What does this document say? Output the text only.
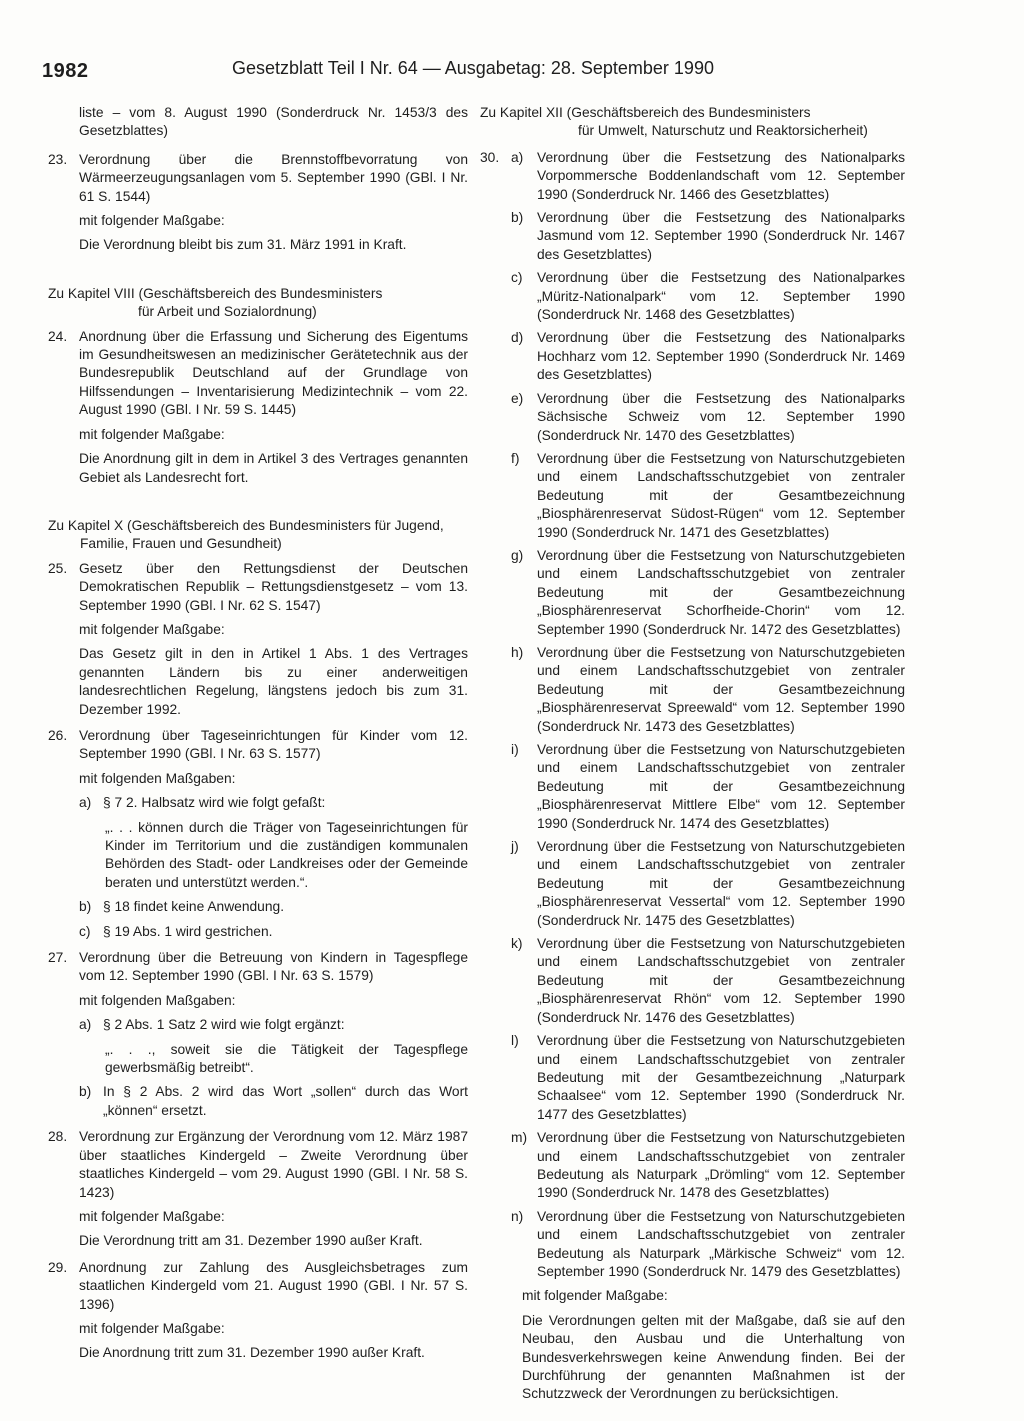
1982	Gesetzblatt Teil I Nr. 64 — Ausgabetag: 28. September 1990
liste – vom 8. August 1990 (Sonderdruck Nr. 1453/3 des Gesetzblattes)
23. Verordnung über die Brennstoffbevorratung von Wärmeerzeugungsanlagen vom 5. September 1990 (GBl. I Nr. 61 S. 1544)
mit folgender Maßgabe:
Die Verordnung bleibt bis zum 31. März 1991 in Kraft.
Zu Kapitel VIII (Geschäftsbereich des Bundesministers
für Arbeit und Sozialordnung)
24. Anordnung über die Erfassung und Sicherung des Eigentums im Gesundheitswesen an medizinischer Gerätetechnik aus der Bundesrepublik Deutschland auf der Grundlage von Hilfssendungen – Inventarisierung Medizintechnik – vom 22. August 1990 (GBl. I Nr. 59 S. 1445)
mit folgender Maßgabe:
Die Anordnung gilt in dem in Artikel 3 des Vertrages genannten Gebiet als Landesrecht fort.
Zu Kapitel X (Geschäftsbereich des Bundesministers für Jugend,
Familie, Frauen und Gesundheit)
25. Gesetz über den Rettungsdienst der Deutschen Demokratischen Republik – Rettungsdienstgesetz – vom 13. September 1990 (GBl. I Nr. 62 S. 1547)
mit folgender Maßgabe:
Das Gesetz gilt in den in Artikel 1 Abs. 1 des Vertrages genannten Ländern bis zu einer anderweitigen landesrechtlichen Regelung, längstens jedoch bis zum 31. Dezember 1992.
26. Verordnung über Tageseinrichtungen für Kinder vom 12. September 1990 (GBl. I Nr. 63 S. 1577)
mit folgenden Maßgaben:
a) § 7 2. Halbsatz wird wie folgt gefaßt:
„. . . können durch die Träger von Tageseinrichtungen für Kinder im Territorium und die zuständigen kommunalen Behörden des Stadt- oder Landkreises oder der Gemeinde beraten und unterstützt werden.“.
b) § 18 findet keine Anwendung.
c) § 19 Abs. 1 wird gestrichen.
27. Verordnung über die Betreuung von Kindern in Tagespflege vom 12. September 1990 (GBl. I Nr. 63 S. 1579)
mit folgenden Maßgaben:
a) § 2 Abs. 1 Satz 2 wird wie folgt ergänzt:
„. . ., soweit sie die Tätigkeit der Tagespflege gewerbsmäßig betreibt“.
b) In § 2 Abs. 2 wird das Wort „sollen“ durch das Wort „können“ ersetzt.
28. Verordnung zur Ergänzung der Verordnung vom 12. März 1987 über staatliches Kindergeld – Zweite Verordnung über staatliches Kindergeld – vom 29. August 1990 (GBl. I Nr. 58 S. 1423)
mit folgender Maßgabe:
Die Verordnung tritt am 31. Dezember 1990 außer Kraft.
29. Anordnung zur Zahlung des Ausgleichsbetrages zum staatlichen Kindergeld vom 21. August 1990 (GBl. I Nr. 57 S. 1396)
mit folgender Maßgabe:
Die Anordnung tritt zum 31. Dezember 1990 außer Kraft.
Zu Kapitel XII (Geschäftsbereich des Bundesministers
für Umwelt, Naturschutz und Reaktorsicherheit)
30. a) Verordnung über die Festsetzung des Nationalparks Vorpommersche Boddenlandschaft vom 12. September 1990 (Sonderdruck Nr. 1466 des Gesetzblattes)
b) Verordnung über die Festsetzung des Nationalparks Jasmund vom 12. September 1990 (Sonderdruck Nr. 1467 des Gesetzblattes)
c)	Verordnung über die Festsetzung des Nationalparkes „Müritz-Nationalpark“ vom 12. September 1990 (Sonderdruck Nr. 1468 des Gesetzblattes)
d) Verordnung über die Festsetzung des Nationalparks Hochharz vom 12. September 1990 (Sonderdruck Nr. 1469 des Gesetzblattes)
e) Verordnung über die Festsetzung des Nationalparks Sächsische Schweiz vom 12. September 1990 (Sonderdruck Nr. 1470 des Gesetzblattes)
f)	Verordnung über die Festsetzung von Naturschutzgebieten und einem Landschaftsschutzgebiet von zentraler Bedeutung mit der Gesamtbezeichnung „Biosphärenreservat Südost-Rügen“ vom 12. September 1990 (Sonderdruck Nr. 1471 des Gesetzblattes)
g) Verordnung über die Festsetzung von Naturschutzgebieten und einem Landschaftsschutzgebiet von zentraler Bedeutung mit der Gesamtbezeichnung „Biosphärenreservat Schorfheide-Chorin“ vom 12. September 1990 (Sonderdruck Nr. 1472 des Gesetzblattes)
h) Verordnung über die Festsetzung von Naturschutzgebieten und einem Landschaftsschutzgebiet von zentraler Bedeutung mit der Gesamtbezeichnung „Biosphärenreservat Spreewald“ vom 12. September 1990 (Sonderdruck Nr. 1473 des Gesetzblattes)
i)	Verordnung über die Festsetzung von Naturschutzgebieten und einem Landschaftsschutzgebiet von zentraler Bedeutung mit der Gesamtbezeichnung „Biosphärenreservat Mittlere Elbe“ vom 12. September 1990 (Sonderdruck Nr. 1474 des Gesetzblattes)
j)	Verordnung über die Festsetzung von Naturschutzgebieten und einem Landschaftsschutzgebiet von zentraler Bedeutung mit der Gesamtbezeichnung „Biosphärenreservat Vessertal“ vom 12. September 1990 (Sonderdruck Nr. 1475 des Gesetzblattes)
k)	Verordnung über die Festsetzung von Naturschutzgebieten und einem Landschaftsschutzgebiet von zentraler Bedeutung mit der Gesamtbezeichnung „Biosphärenreservat Rhön“ vom 12. September 1990 (Sonderdruck Nr. 1476 des Gesetzblattes)
l)	Verordnung über die Festsetzung von Naturschutzgebieten und einem Landschaftsschutzgebiet von zentraler Bedeutung mit der Gesamtbezeichnung „Naturpark Schaalsee“ vom 12. September 1990 (Sonderdruck Nr. 1477 des Gesetzblattes)
m) Verordnung über die Festsetzung von Naturschutzgebieten und einem Landschaftsschutzgebiet von zentraler Bedeutung als Naturpark „Drömling“ vom 12. September 1990 (Sonderdruck Nr. 1478 des Gesetzblattes)
n) Verordnung über die Festsetzung von Naturschutzgebieten und einem Landschaftsschutzgebiet von zentraler Bedeutung als Naturpark „Märkische Schweiz“ vom 12. September 1990 (Sonderdruck Nr. 1479 des Gesetzblattes)
mit folgender Maßgabe:
Die Verordnungen gelten mit der Maßgabe, daß sie auf den Neubau, den Ausbau und die Unterhaltung von Bundesverkehrswegen keine Anwendung finden. Bei der Durchführung der genannten Maßnahmen ist der Schutzzweck der Verordnungen zu berücksichtigen.
